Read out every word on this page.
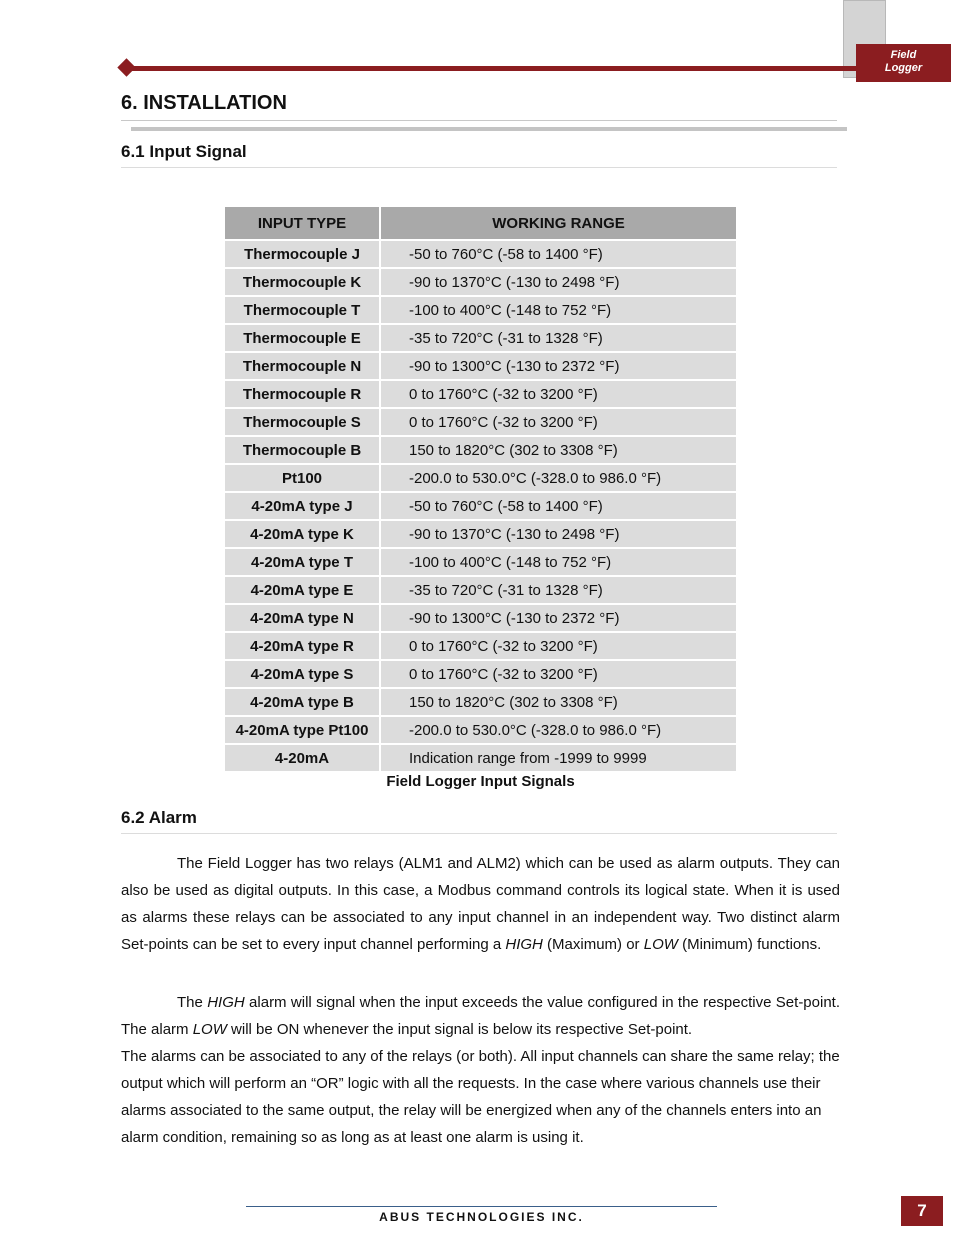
Field
Logger
6. INSTALLATION
6.1 Input Signal
INPUT TYPE	WORKING RANGE
Thermocouple J	-50 to 760°C (-58 to 1400 °F)
Thermocouple K	-90 to 1370°C (-130 to 2498 °F)
Thermocouple T	-100 to 400°C (-148 to 752 °F)
Thermocouple E	-35 to 720°C (-31 to 1328 °F)
Thermocouple N	-90 to 1300°C (-130 to 2372 °F)
Thermocouple R	0 to 1760°C (-32 to 3200 °F)
Thermocouple S	0 to 1760°C (-32 to 3200 °F)
Thermocouple B	150 to 1820°C (302 to 3308 °F)
Pt100	-200.0 to 530.0°C (-328.0 to 986.0 °F)
4-20mA type J	-50 to 760°C (-58 to 1400 °F)
4-20mA type K	-90 to 1370°C (-130 to 2498 °F)
4-20mA type T	-100 to 400°C (-148 to 752 °F)
4-20mA type E	-35 to 720°C (-31 to 1328 °F)
4-20mA type N	-90 to 1300°C (-130 to 2372 °F)
4-20mA type R	0 to 1760°C (-32 to 3200 °F)
4-20mA type S	0 to 1760°C (-32 to 3200 °F)
4-20mA type B	150 to 1820°C (302 to 3308 °F)
4-20mA type Pt100	-200.0 to 530.0°C (-328.0 to 986.0 °F)
4-20mA	Indication range from -1999 to 9999
Field Logger Input Signals
6.2 Alarm

The Field Logger has two relays (ALM1 and ALM2) which can be used as alarm outputs. They can also be used as digital outputs. In this case, a Modbus command controls its logical state. When it is used as alarms these relays can be associated to any input channel in an independent way. Two distinct alarm Set-points can be set to every input channel performing a HIGH (Maximum) or LOW (Minimum) functions.

The HIGH alarm will signal when the input exceeds the value configured in the respective Set-point. The alarm LOW will be ON whenever the input signal is below its respective Set-point.

The alarms can be associated to any of the relays (or both). All input channels can share the same relay; the output which will perform an “OR” logic with all the requests. In the case where various channels use their alarms associated to the same output, the relay will be energized when any of the channels enters into an alarm condition, remaining so as long as at least one alarm is using it.

ABUS TECHNOLOGIES INC.	7
